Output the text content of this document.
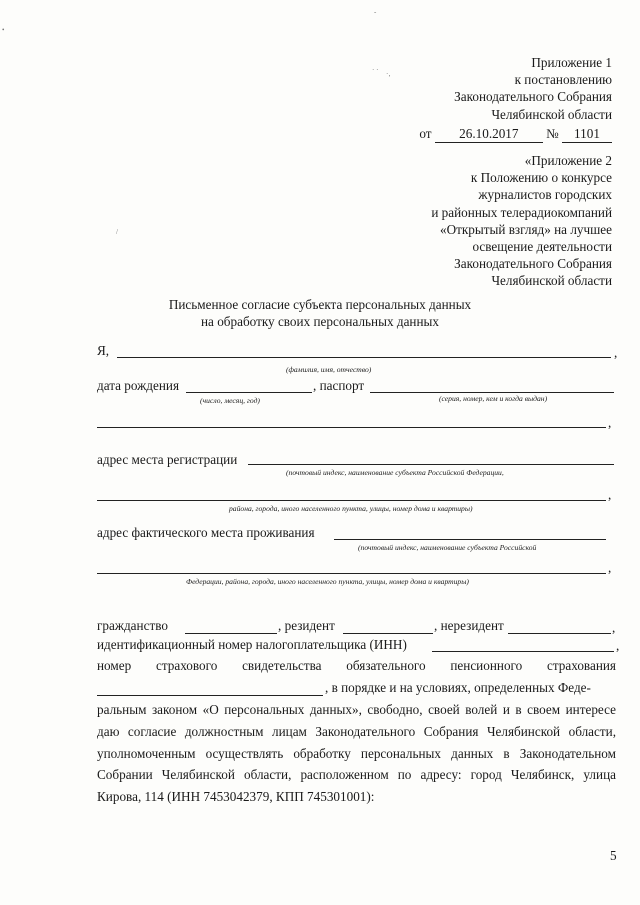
•
-
· · ·‚
/
Приложение 1
к постановлению
Законодательного Собрания
Челябинской области
от 26.10.2017 № 1101
«Приложение 2
к Положению о конкурсе
журналистов городских
и районных телерадиокомпаний
«Открытый взгляд» на лучшее
освещение деятельности
Законодательного Собрания
Челябинской области
Письменное согласие субъекта персональных данных
на обработку своих персональных данных
Я,	,
(фамилия, имя, отчество)
дата рождения	, паспорт
(число, месяц, год)	(серия, номер, кем и когда выдан)
,
адрес места регистрации
(почтовый индекс, наименование субъекта Российской Федерации,
,
района, города, иного населенного пункта, улицы, номер дома и квартиры)
адрес фактического места проживания
(почтовый индекс, наименование субъекта Российской
,
Федерации, района, города, иного населенного пункта, улицы, номер дома и квартиры)
гражданство	, резидент	, нерезидент	,
идентификационный номер налогоплательщика (ИНН)	,
номер страхового свидетельства обязательного пенсионного страхования
, в порядке и на условиях, определенных Феде-
ральным законом «О персональных данных», свободно, своей волей и в своем интересе даю согласие должностным лицам Законодательного Собрания Челябинской области, уполномоченным осуществлять обработку персональных данных в Законодательном Собрании Челябинской области, расположенном по адресу: город Челябинск, улица Кирова, 114 (ИНН 7453042379, КПП 745301001):
5
